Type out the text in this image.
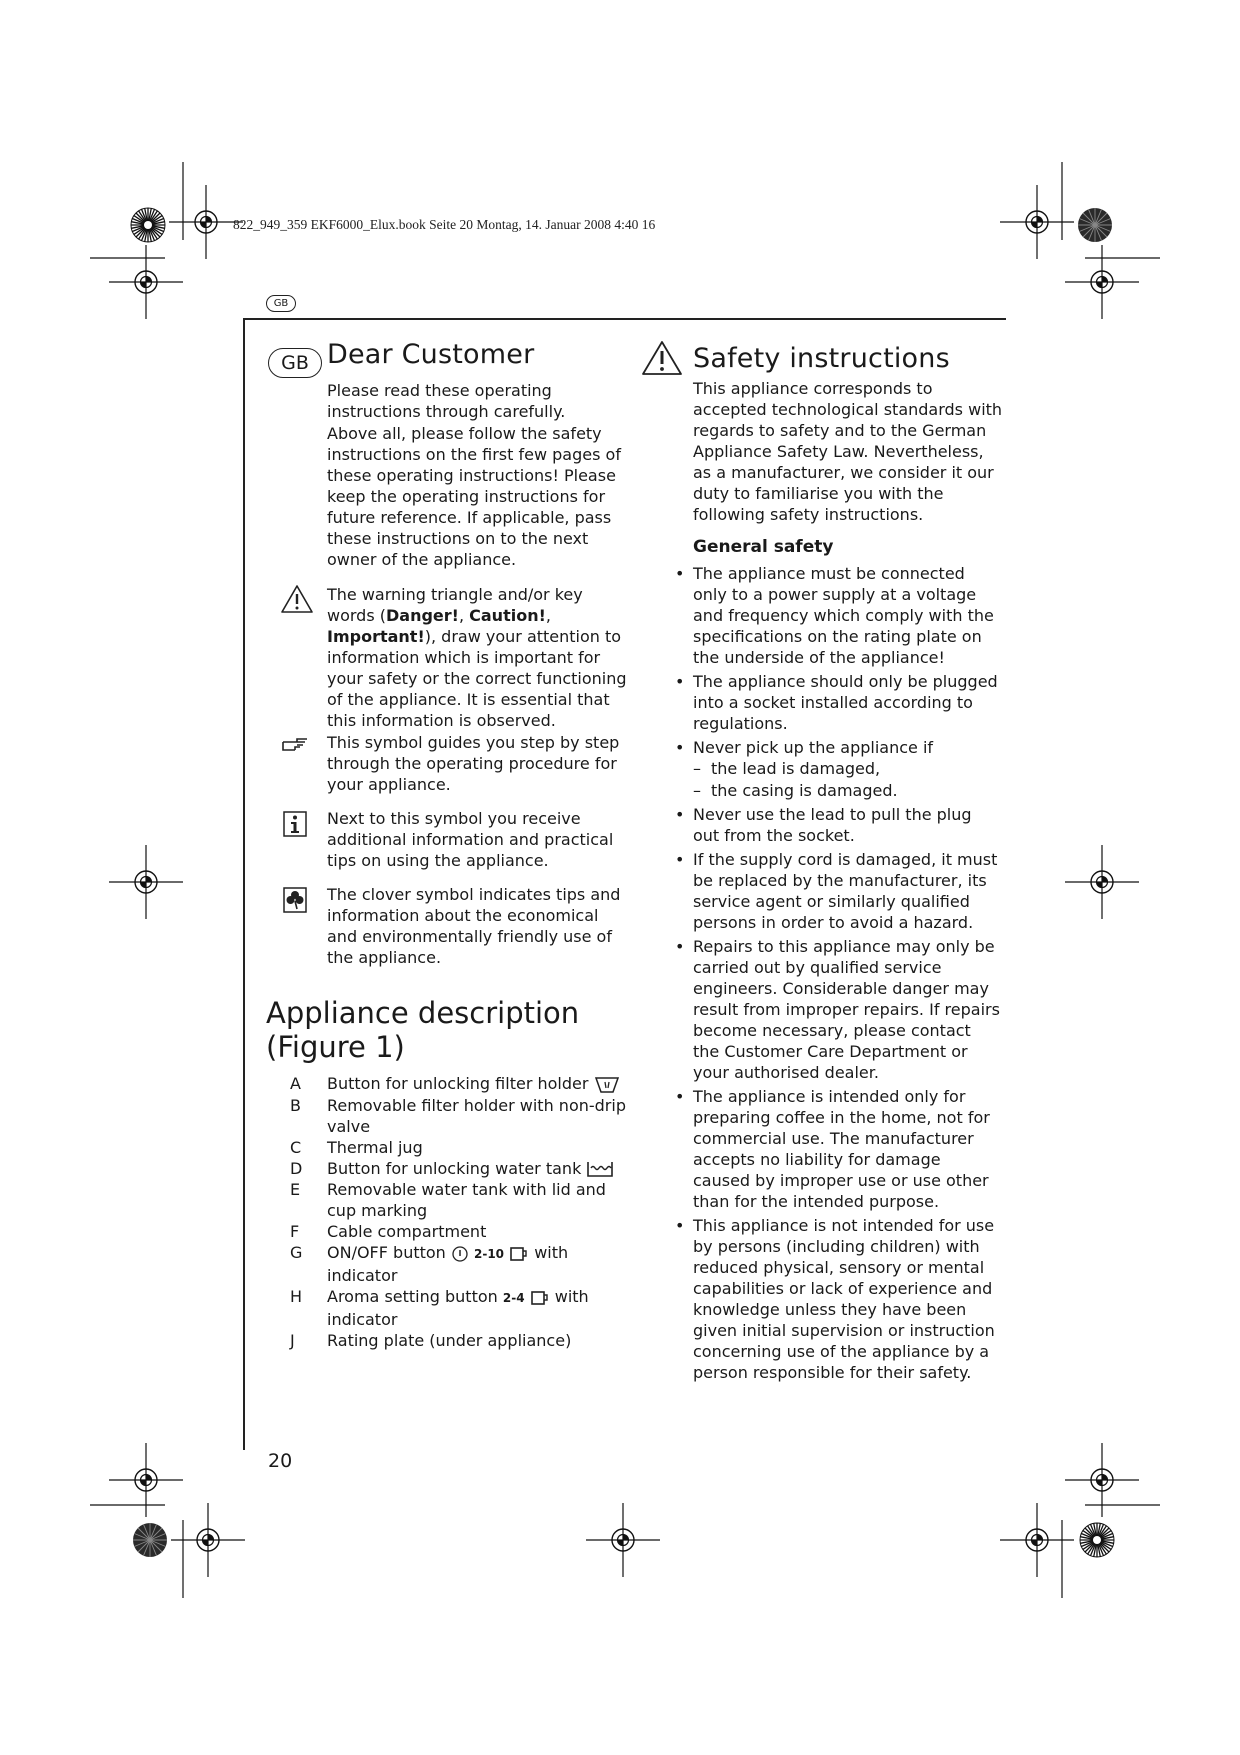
822_949_359 EKF6000_Elux.book Seite 20 Montag, 14. Januar 2008 4:40 16
GB
GB Dear Customer

Please read these operating instructions through carefully.

Above all, please follow the safety instructions on the first few pages of these operating instructions! Please keep the operating instructions for future reference. If applicable, pass these instructions on to the next owner of the appliance.

The warning triangle and/or key words (Danger!, Caution!, Important!), draw your attention to information which is important for your safety or the correct functioning of the appliance. It is essential that this information is observed.

This symbol guides you step by step through the operating procedure for your appliance.

Next to this symbol you receive additional information and practical tips on using the appliance.

The clover symbol indicates tips and information about the economical and environmentally friendly use of the appliance.

Appliance description
(Figure 1)
A Button for unlocking filter holder
B Removable filter holder with non-drip valve
C Thermal jug
D Button for unlocking water tank
E Removable water tank with lid and cup marking
F Cable compartment
G ON/OFF button 2-10 with indicator
H Aroma setting button 2-4 with indicator
J Rating plate (under appliance)
Safety instructions

This appliance corresponds to accepted technological standards with regards to safety and to the German Appliance Safety Law. Nevertheless, as a manufacturer, we consider it our duty to familiarise you with the following safety instructions.

General safety
• The appliance must be connected only to a power supply at a voltage and frequency which comply with the specifications on the rating plate on the underside of the appliance!
• The appliance should only be plugged into a socket installed according to regulations.
• Never pick up the appliance if
– the lead is damaged,
– the casing is damaged.
• Never use the lead to pull the plug out from the socket.
• If the supply cord is damaged, it must be replaced by the manufacturer, its service agent or similarly qualified persons in order to avoid a hazard.
• Repairs to this appliance may only be carried out by qualified service engineers. Considerable danger may result from improper repairs. If repairs become necessary, please contact the Customer Care Department or your authorised dealer.
• The appliance is intended only for preparing coffee in the home, not for commercial use. The manufacturer accepts no liability for damage caused by improper use or use other than for the intended purpose.
• This appliance is not intended for use by persons (including children) with reduced physical, sensory or mental capabilities or lack of experience and knowledge unless they have been given initial supervision or instruction concerning use of the appliance by a person responsible for their safety.
20
